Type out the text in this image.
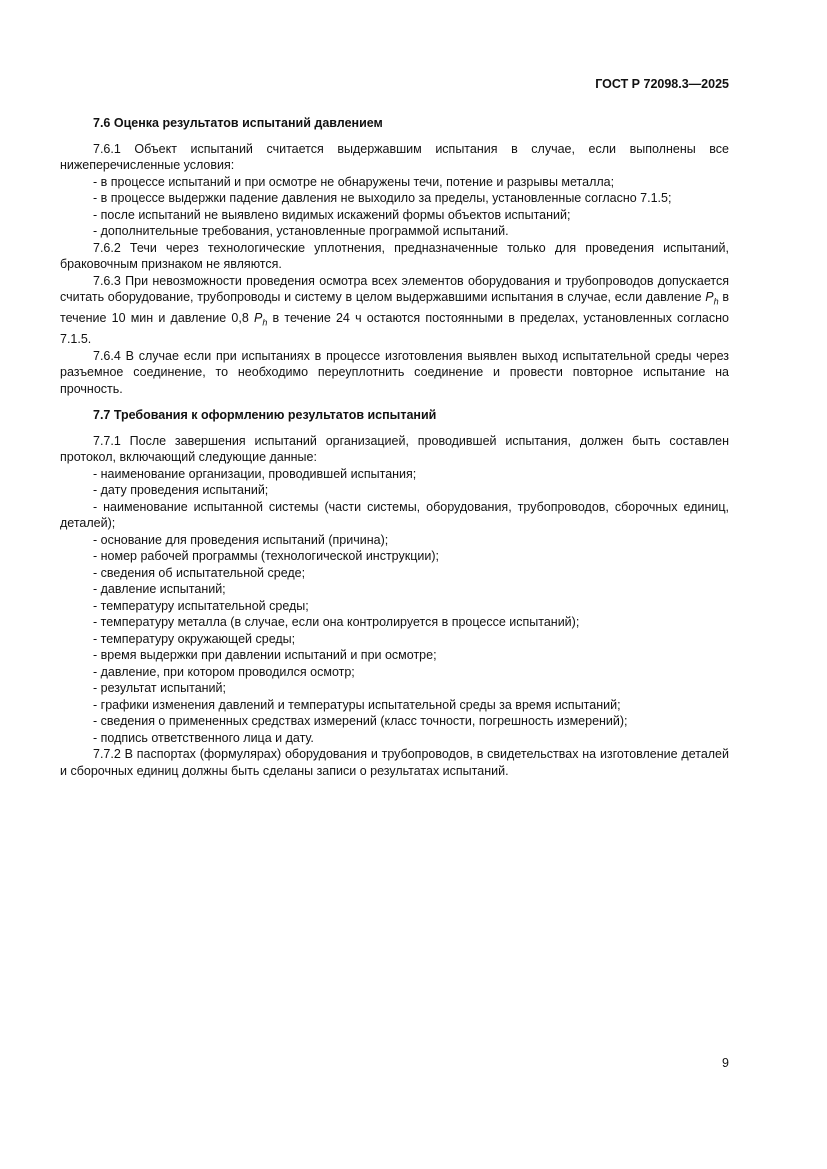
ГОСТ Р 72098.3—2025
7.6 Оценка результатов испытаний давлением

7.6.1 Объект испытаний считается выдержавшим испытания в случае, если выполнены все нижеперечисленные условия:

- в процессе испытаний и при осмотре не обнаружены течи, потение и разрывы металла;

- в процессе выдержки падение давления не выходило за пределы, установленные согласно 7.1.5;

- после испытаний не выявлено видимых искажений формы объектов испытаний;

- дополнительные требования, установленные программой испытаний.

7.6.2 Течи через технологические уплотнения, предназначенные только для проведения испытаний, браковочным признаком не являются.

7.6.3 При невозможности проведения осмотра всех элементов оборудования и трубопроводов допускается считать оборудование, трубопроводы и систему в целом выдержавшими испытания в случае, если давление $P_h$ в течение 10 мин и давление 0,8 $P_h$ в течение 24 ч остаются постоянными в пределах, установленных согласно 7.1.5.

7.6.4 В случае если при испытаниях в процессе изготовления выявлен выход испытательной среды через разъемное соединение, то необходимо переуплотнить соединение и провести повторное испытание на прочность.

7.7 Требования к оформлению результатов испытаний

7.7.1 После завершения испытаний организацией, проводившей испытания, должен быть составлен протокол, включающий следующие данные:

- наименование организации, проводившей испытания;

- дату проведения испытаний;

- наименование испытанной системы (части системы, оборудования, трубопроводов, сборочных единиц, деталей);

- основание для проведения испытаний (причина);

- номер рабочей программы (технологической инструкции);

- сведения об испытательной среде;

- давление испытаний;

- температуру испытательной среды;

- температуру металла (в случае, если она контролируется в процессе испытаний);

- температуру окружающей среды;

- время выдержки при давлении испытаний и при осмотре;

- давление, при котором проводился осмотр;

- результат испытаний;

- графики изменения давлений и температуры испытательной среды за время испытаний;

- сведения о примененных средствах измерений (класс точности, погрешность измерений);

- подпись ответственного лица и дату.

7.7.2 В паспортах (формулярах) оборудования и трубопроводов, в свидетельствах на изготовление деталей и сборочных единиц должны быть сделаны записи о результатах испытаний.

9
